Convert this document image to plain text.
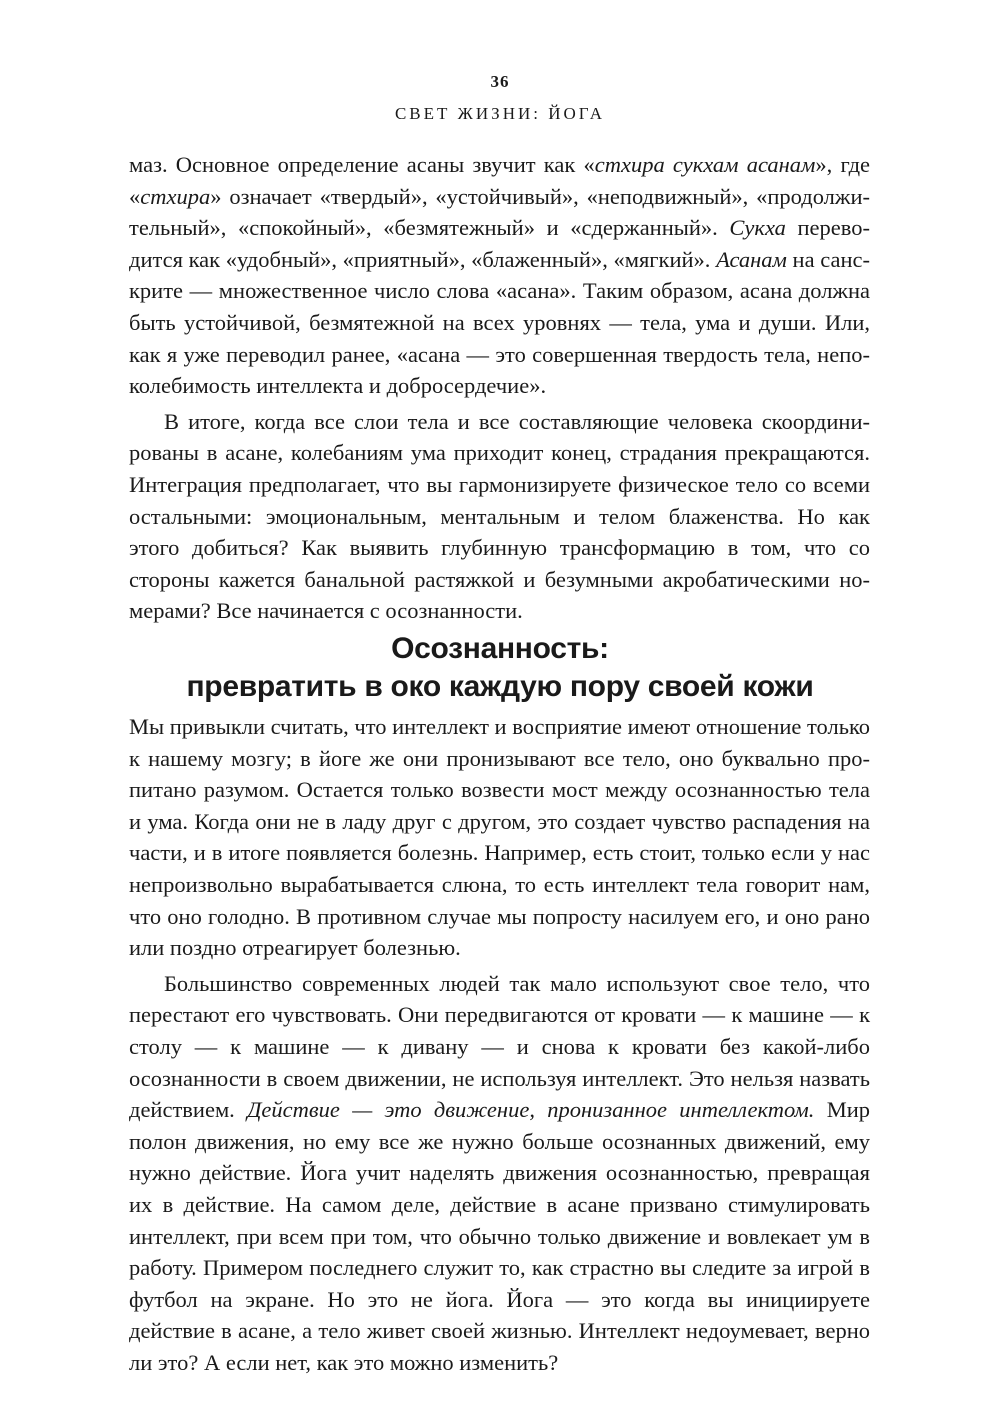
36
СВЕТ ЖИЗНИ: ЙОГА

маз. Основное определение асаны звучит как «стхира сукхам асанам», где «стхира» означает «твердый», «устойчивый», «неподвижный», «продолжительный», «спокойный», «безмятежный» и «сдержанный». Сукха переводится как «удобный», «приятный», «блаженный», «мягкий». Асанам на санскрите — множественное число слова «асана». Таким образом, асана должна быть устойчивой, безмятежной на всех уровнях — тела, ума и души. Или, как я уже переводил ранее, «асана — это совершенная твердость тела, непоколебимость интеллекта и добросердечие».

В итоге, когда все слои тела и все составляющие человека скоординированы в асане, колебаниям ума приходит конец, страдания прекращаются. Интеграция предполагает, что вы гармонизируете физическое тело со всеми остальными: эмоциональным, ментальным и телом блаженства. Но как этого добиться? Как выявить глубинную трансформацию в том, что со стороны кажется банальной растяжкой и безумными акробатическими номерами? Все начинается с осознанности.

Осознанность:
превратить в око каждую пору своей кожи

Мы привыкли считать, что интеллект и восприятие имеют отношение только к нашему мозгу; в йоге же они пронизывают все тело, оно буквально пропитано разумом. Остается только возвести мост между осознанностью тела и ума. Когда они не в ладу друг с другом, это создает чувство распадения на части, и в итоге появляется болезнь. Например, есть стоит, только если у нас непроизвольно вырабатывается слюна, то есть интеллект тела говорит нам, что оно голодно. В противном случае мы попросту насилуем его, и оно рано или поздно отреагирует болезнью.

Большинство современных людей так мало используют свое тело, что перестают его чувствовать. Они передвигаются от кровати — к машине — к столу — к машине — к дивану — и снова к кровати без какой-либо осознанности в своем движении, не используя интеллект. Это нельзя назвать действием. Действие — это движение, пронизанное интеллектом. Мир полон движения, но ему все же нужно больше осознанных движений, ему нужно действие. Йога учит наделять движения осознанностью, превращая их в действие. На самом деле, действие в асане призвано стимулировать интеллект, при всем при том, что обычно только движение и вовлекает ум в работу. Примером последнего служит то, как страстно вы следите за игрой в футбол на экране. Но это не йога. Йога — это когда вы инициируете действие в асане, а тело живет своей жизнью. Интеллект недоумевает, верно ли это? А если нет, как это можно изменить?
